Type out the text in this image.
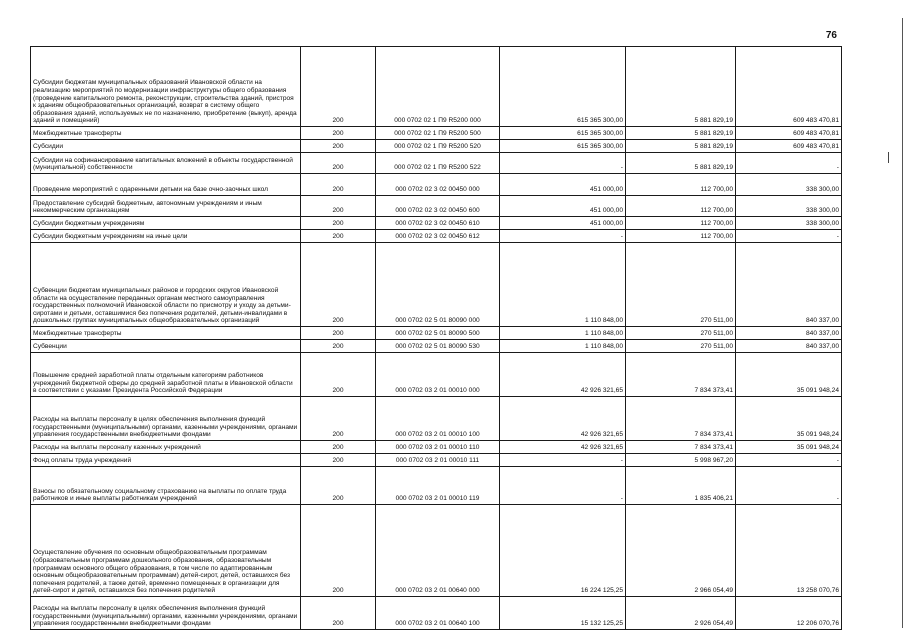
76
Субсидии бюджетам муниципальных образований Ивановской области на реализацию мероприятий по модернизации инфраструктуры общего образования (проведение капитального ремонта, реконструкции, строительства зданий, пристроя к зданиям общеобразовательных организаций, возврат в систему общего образования зданий, используемых не по назначению, приобретение (выкуп), аренда зданий и помещений)	200	000 0702 02 1 П9 R5200 000	615 365 300,00	5 881 829,19	609 483 470,81
Межбюджетные трансферты	200	000 0702 02 1 П9 R5200 500	615 365 300,00	5 881 829,19	609 483 470,81
Субсидии	200	000 0702 02 1 П9 R5200 520	615 365 300,00	5 881 829,19	609 483 470,81
Субсидии на софинансирование капитальных вложений в объекты государственной (муниципальной) собственности	200	000 0702 02 1 П9 R5200 522	-	5 881 829,19	-
Проведение мероприятий с одаренными детьми на базе очно-заочных школ	200	000 0702 02 3 02 00450 000	451 000,00	112 700,00	338 300,00
Предоставление субсидий бюджетным, автономным учреждениям и иным некоммерческим организациям	200	000 0702 02 3 02 00450 600	451 000,00	112 700,00	338 300,00
Субсидии бюджетным учреждениям	200	000 0702 02 3 02 00450 610	451 000,00	112 700,00	338 300,00
Субсидии бюджетным учреждениям на иные цели	200	000 0702 02 3 02 00450 612	-	112 700,00	-
Субвенции бюджетам муниципальных районов и городских округов Ивановской области на осуществление переданных органам местного самоуправления государственных полномочий Ивановской области по присмотру и уходу за детьми-сиротами и детьми, оставшимися без попечения родителей, детьми-инвалидами в дошкольных группах муниципальных общеобразовательных организаций	200	000 0702 02 5 01 80090 000	1 110 848,00	270 511,00	840 337,00
Межбюджетные трансферты	200	000 0702 02 5 01 80090 500	1 110 848,00	270 511,00	840 337,00
Субвенции	200	000 0702 02 5 01 80090 530	1 110 848,00	270 511,00	840 337,00
Повышение средней заработной платы отдельным категориям работников учреждений бюджетной сферы до средней заработной платы в Ивановской области в соответствии с указами Президента Российской Федерации	200	000 0702 03 2 01 00010 000	42 926 321,65	7 834 373,41	35 091 948,24
Расходы на выплаты персоналу в целях обеспечения выполнения функций государственными (муниципальными) органами, казенными учреждениями, органами управления государственными внебюджетными фондами	200	000 0702 03 2 01 00010 100	42 926 321,65	7 834 373,41	35 091 948,24
Расходы на выплаты персоналу казенных учреждений	200	000 0702 03 2 01 00010 110	42 926 321,65	7 834 373,41	35 091 948,24
Фонд оплаты труда учреждений	200	000 0702 03 2 01 00010 111	-	5 998 967,20	-
Взносы по обязательному социальному страхованию на выплаты по оплате труда работников и иные выплаты работникам учреждений	200	000 0702 03 2 01 00010 119	-	1 835 406,21	-
Осуществление обучения по основным общеобразовательным программам (образовательным программам дошкольного образования, образовательным программам основного общего образования, в том числе по адаптированным основным общеобразовательным программам) детей-сирот, детей, оставшихся без попечения родителей, а также детей, временно помещенных в организации для детей-сирот и детей, оставшихся без попечения родителей	200	000 0702 03 2 01 00640 000	16 224 125,25	2 966 054,49	13 258 070,76
Расходы на выплаты персоналу в целях обеспечения выполнения функций государственными (муниципальными) органами, казенными учреждениями, органами управления государственными внебюджетными фондами	200	000 0702 03 2 01 00640 100	15 132 125,25	2 926 054,49	12 206 070,76
